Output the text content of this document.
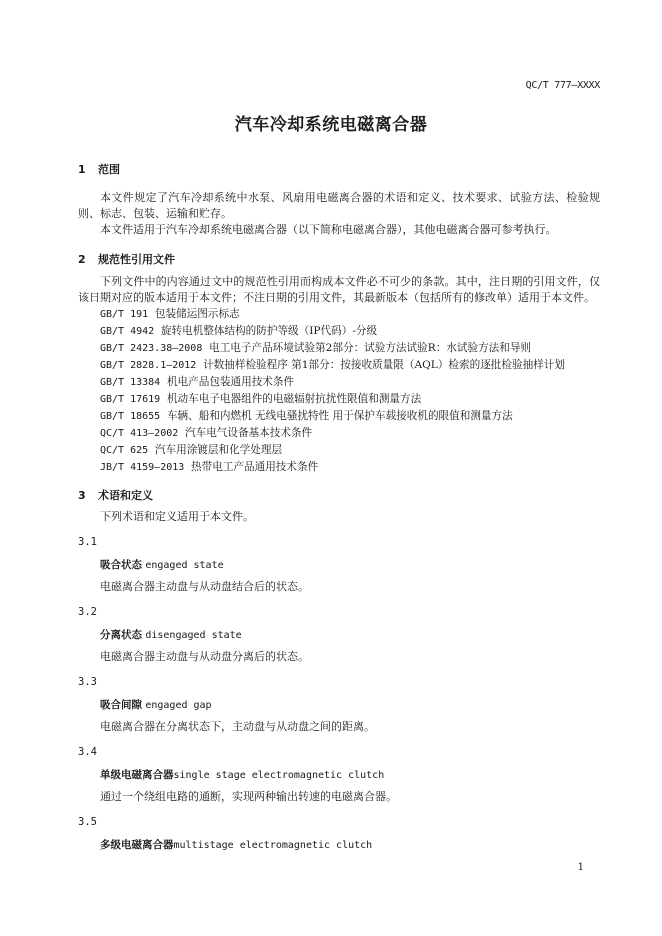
QC/T 777—XXXX
汽车冷却系统电磁离合器
1	范围

本文件规定了汽车冷却系统中水泵、风扇用电磁离合器的术语和定义、技术要求、试验方法、检验规则、标志、包装、运输和贮存。

本文件适用于汽车冷却系统电磁离合器（以下简称电磁离合器），其他电磁离合器可参考执行。

2	规范性引用文件

下列文件中的内容通过文中的规范性引用而构成本文件必不可少的条款。其中，注日期的引用文件，仅该日期对应的版本适用于本文件；不注日期的引用文件，其最新版本（包括所有的修改单）适用于本文件。

GB/T 191 包装储运图示标志
GB/T 4942 旋转电机整体结构的防护等级（IP代码）-分级
GB/T 2423.38—2008 电工电子产品环境试验第2部分：试验方法试验R：水试验方法和导则
GB/T 2828.1—2012 计数抽样检验程序 第1部分：按接收质量限（AQL）检索的逐批检验抽样计划
GB/T 13384 机电产品包装通用技术条件
GB/T 17619 机动车电子电器组件的电磁辐射抗扰性限值和测量方法
GB/T 18655 车辆、船和内燃机 无线电骚扰特性 用于保护车载接收机的限值和测量方法
QC/T 413—2002 汽车电气设备基本技术条件
QC/T 625 汽车用涂镀层和化学处理层
JB/T 4159—2013 热带电工产品通用技术条件
3	术语和定义

下列术语和定义适用于本文件。

3.1
吸合状态 engaged state
电磁离合器主动盘与从动盘结合后的状态。
3.2
分离状态 disengaged state
电磁离合器主动盘与从动盘分离后的状态。
3.3
吸合间隙 engaged gap
电磁离合器在分离状态下，主动盘与从动盘之间的距离。
3.4
单级电磁离合器single stage electromagnetic clutch
通过一个绕组电路的通断，实现两种输出转速的电磁离合器。
3.5
多级电磁离合器multistage electromagnetic clutch
1
